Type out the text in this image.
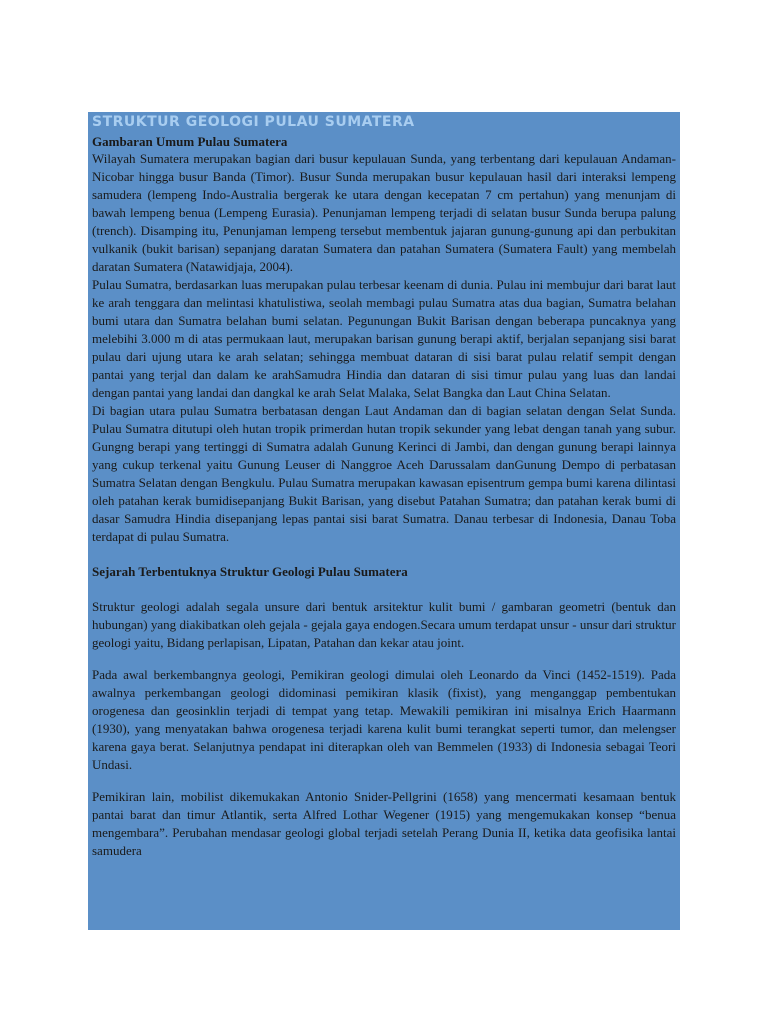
STRUKTUR GEOLOGI PULAU SUMATERA
Gambaran Umum Pulau Sumatera

Wilayah Sumatera merupakan bagian dari busur kepulauan Sunda, yang terbentang dari kepulauan Andaman-Nicobar hingga busur Banda (Timor). Busur Sunda merupakan busur kepulauan hasil dari interaksi lempeng samudera (lempeng Indo-Australia bergerak ke utara dengan kecepatan 7 cm pertahun) yang menunjam di bawah lempeng benua (Lempeng Eurasia). Penunjaman lempeng terjadi di selatan busur Sunda berupa palung (trench). Disamping itu, Penunjaman lempeng tersebut membentuk jajaran gunung-gunung api dan perbukitan vulkanik (bukit barisan) sepanjang daratan Sumatera dan patahan Sumatera (Sumatera Fault) yang membelah daratan Sumatera (Natawidjaja, 2004).

Pulau Sumatra, berdasarkan luas merupakan pulau terbesar keenam di dunia. Pulau ini membujur dari barat laut ke arah tenggara dan melintasi khatulistiwa, seolah membagi pulau Sumatra atas dua bagian, Sumatra belahan bumi utara dan Sumatra belahan bumi selatan. Pegunungan Bukit Barisan dengan beberapa puncaknya yang melebihi 3.000 m di atas permukaan laut, merupakan barisan gunung berapi aktif, berjalan sepanjang sisi barat pulau dari ujung utara ke arah selatan; sehingga membuat dataran di sisi barat pulau relatif sempit dengan pantai yang terjal dan dalam ke arahSamudra Hindia dan dataran di sisi timur pulau yang luas dan landai dengan pantai yang landai dan dangkal ke arah Selat Malaka, Selat Bangka dan Laut China Selatan.

Di bagian utara pulau Sumatra berbatasan dengan Laut Andaman dan di bagian selatan dengan Selat Sunda. Pulau Sumatra ditutupi oleh hutan tropik primerdan hutan tropik sekunder yang lebat dengan tanah yang subur. Gungng berapi yang tertinggi di Sumatra adalah Gunung Kerinci di Jambi, dan dengan gunung berapi lainnya yang cukup terkenal yaitu Gunung Leuser di Nanggroe Aceh Darussalam danGunung Dempo di perbatasan Sumatra Selatan dengan Bengkulu. Pulau Sumatra merupakan kawasan episentrum gempa bumi karena dilintasi oleh patahan kerak bumidisepanjang Bukit Barisan, yang disebut Patahan Sumatra; dan patahan kerak bumi di dasar Samudra Hindia disepanjang lepas pantai sisi barat Sumatra. Danau terbesar di Indonesia, Danau Toba terdapat di pulau Sumatra.

Sejarah Terbentuknya Struktur Geologi Pulau Sumatera

Struktur geologi adalah segala unsure dari bentuk arsitektur kulit bumi / gambaran geometri (bentuk dan hubungan) yang diakibatkan oleh gejala - gejala gaya endogen.Secara umum terdapat unsur - unsur dari struktur geologi yaitu, Bidang perlapisan, Lipatan, Patahan dan kekar atau joint.

Pada awal berkembangnya geologi, Pemikiran geologi dimulai oleh Leonardo da Vinci (1452-1519). Pada awalnya perkembangan geologi didominasi pemikiran klasik (fixist), yang menganggap pembentukan orogenesa dan geosinklin terjadi di tempat yang tetap. Mewakili pemikiran ini misalnya Erich Haarmann (1930), yang menyatakan bahwa orogenesa terjadi karena kulit bumi terangkat seperti tumor, dan melengser karena gaya berat. Selanjutnya pendapat ini diterapkan oleh van Bemmelen (1933) di Indonesia sebagai Teori Undasi.

Pemikiran lain, mobilist dikemukakan Antonio Snider-Pellgrini (1658) yang mencermati kesamaan bentuk pantai barat dan timur Atlantik, serta Alfred Lothar Wegener (1915) yang mengemukakan konsep “benua mengembara”. Perubahan mendasar geologi global terjadi setelah Perang Dunia II, ketika data geofisika lantai samudera
